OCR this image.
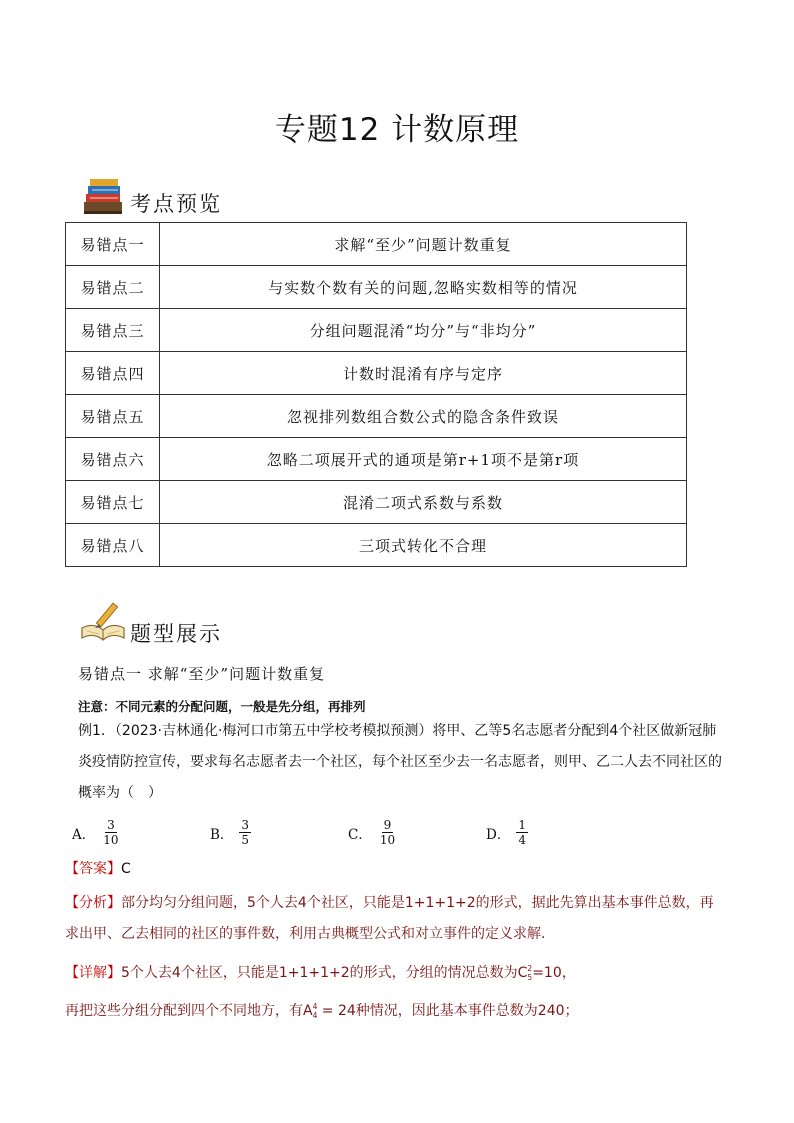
专题12 计数原理
考点预览
易错点一	求解“至少”问题计数重复
易错点二	与实数个数有关的问题,忽略实数相等的情况
易错点三	分组问题混淆“均分”与“非均分”
易错点四	计数时混淆有序与定序
易错点五	忽视排列数组合数公式的隐含条件致误
易错点六	忽略二项展开式的通项是第r+1项不是第r项
易错点七	混淆二项式系数与系数
易错点八	三项式转化不合理
题型展示
易错点一 求解“至少”问题计数重复
注意：不同元素的分配问题，一般是先分组，再排列
例1．（2023·吉林通化·梅河口市第五中学校考模拟预测）将甲、乙等5名志愿者分配到4个社区做新冠肺炎疫情防控宣传，要求每名志愿者去一个社区，每个社区至少去一名志愿者，则甲、乙二人去不同社区的概率为（　）
A． $\frac{3}{10}$	B． $\frac{3}{5}$	C． $\frac{9}{10}$	D． $\frac{1}{4}$
【答案】C
【分析】部分均匀分组问题，5个人去4个社区，只能是1+1+1+2的形式，据此先算出基本事件总数，再求出甲、乙去相同的社区的事件数，利用古典概型公式和对立事件的定义求解.
【详解】5个人去4个社区，只能是1+1+1+2的形式，分组的情况总数为C 2
5 =10，
再把这些分组分配到四个不同地方，有A 4
4 = 24种情况，因此基本事件总数为240；
